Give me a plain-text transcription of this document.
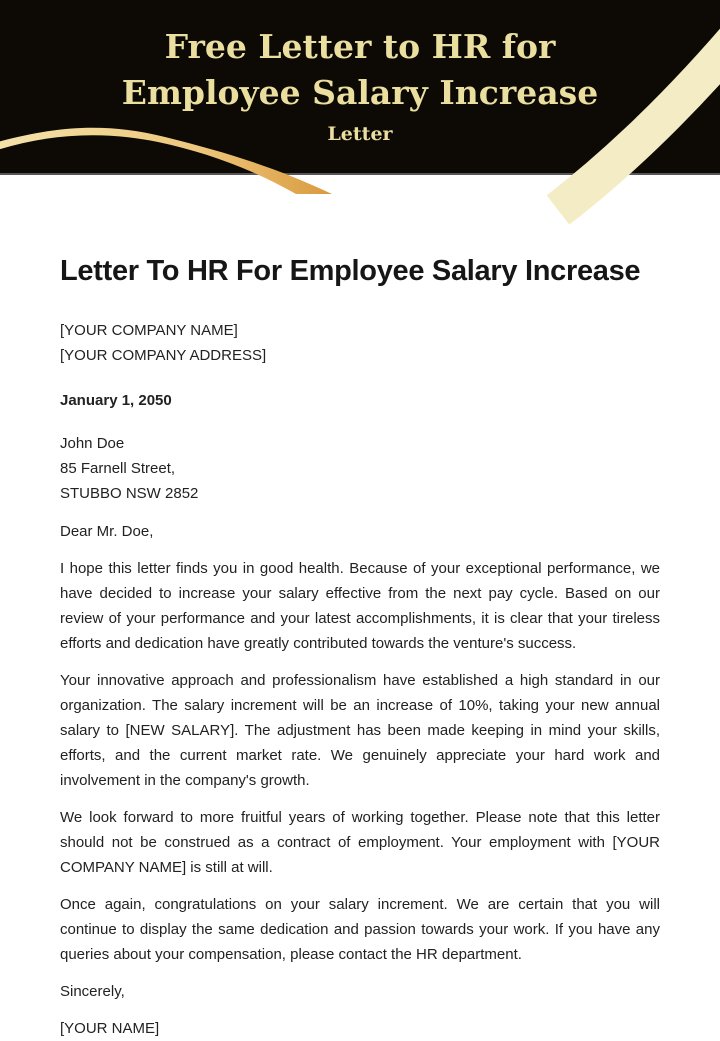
Free Letter to HR for Employee Salary Increase
Letter
Letter To HR For Employee Salary Increase
[YOUR COMPANY NAME]
[YOUR COMPANY ADDRESS]
January 1, 2050
John Doe
85 Farnell Street,
STUBBO NSW 2852
Dear Mr. Doe,

I hope this letter finds you in good health. Because of your exceptional performance, we have decided to increase your salary effective from the next pay cycle. Based on our review of your performance and your latest accomplishments, it is clear that your tireless efforts and dedication have greatly contributed towards the venture's success.

Your innovative approach and professionalism have established a high standard in our organization. The salary increment will be an increase of 10%, taking your new annual salary to [NEW SALARY]. The adjustment has been made keeping in mind your skills, efforts, and the current market rate. We genuinely appreciate your hard work and involvement in the company's growth.

We look forward to more fruitful years of working together. Please note that this letter should not be construed as a contract of employment. Your employment with [YOUR COMPANY NAME] is still at will.

Once again, congratulations on your salary increment. We are certain that you will continue to display the same dedication and passion towards your work. If you have any queries about your compensation, please contact the HR department.

Sincerely,
[YOUR NAME]
